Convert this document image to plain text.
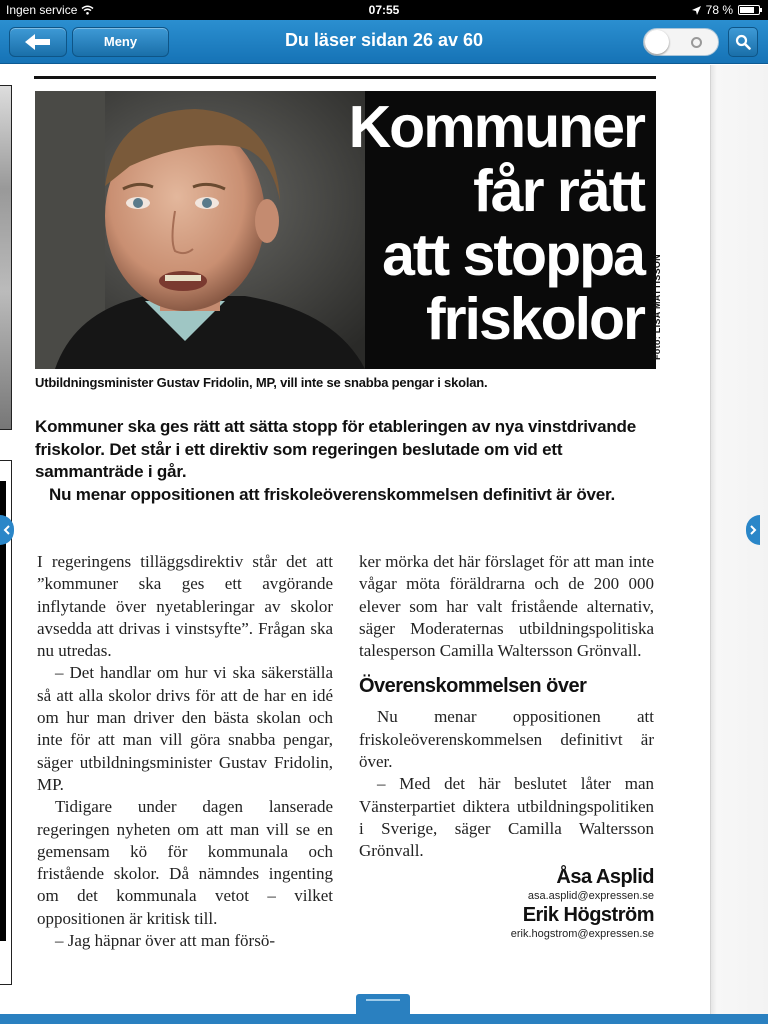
Ingen service	07:55	78 %
Meny	Du läser sidan 26 av 60
Kommuner
får rätt
att stoppa
friskolor Foto: LISA MATTISSON
Utbildningsminister Gustav Fridolin, MP, vill inte se snabba pengar i skolan.

Kommuner ska ges rätt att sätta stopp för etableringen av nya vinstdrivande friskolor. Det står i ett direktiv som regeringen beslutade om vid ett sammanträde i går.

Nu menar oppositionen att friskoleöverenskommelsen definitivt är över.

I regeringens tilläggsdirektiv står det att ”kommuner ska ges ett avgörande inflytande över nyetableringar av skolor avsedda att drivas i vinstsyfte”. Frågan ska nu utredas.

– Det handlar om hur vi ska säkerställa så att alla skolor drivs för att de har en idé om hur man driver den bästa skolan och inte för att man vill göra snabba pengar, säger utbildningsminister Gustav Fridolin, MP.

Tidigare under dagen lanserade regeringen nyheten om att man vill se en gemensam kö för kommunala och fristående skolor. Då nämndes ingenting om det kommunala vetot – vilket oppositionen är kritisk till.

– Jag häpnar över att man försö-

ker mörka det här förslaget för att man inte vågar möta föräldrarna och de 200 000 elever som har valt fristående alternativ, säger Moderaternas utbildningspolitiska talesperson Camilla Waltersson Grönvall.

Överenskommelsen över

Nu menar oppositionen att friskoleöverenskommelsen definitivt är över.

– Med det här beslutet låter man Vänsterpartiet diktera utbildningspolitiken i Sverige, säger Camilla Waltersson Grönvall.

Åsa Asplid
asa.asplid@expressen.se
Erik Högström
erik.hogstrom@expressen.se
